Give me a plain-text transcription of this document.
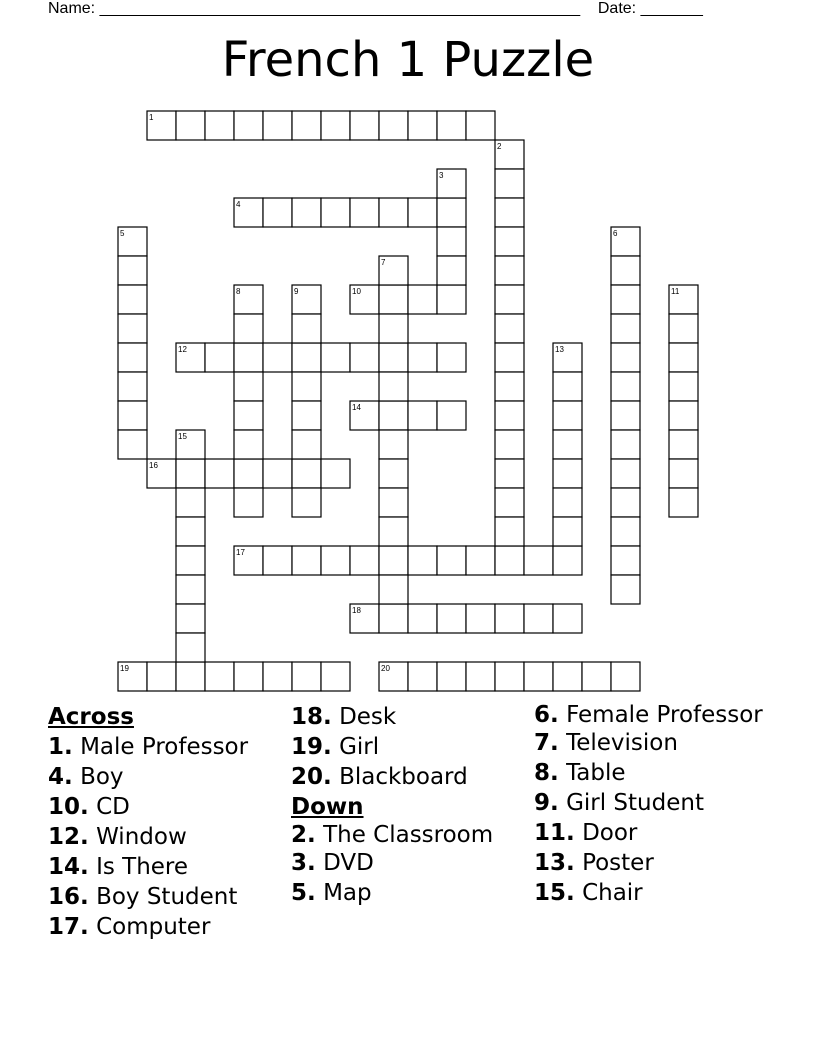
Name: ______________________________________________________ Date: _______
French 1 Puzzle
1
4
10
12
14
16
17
18
19	20
2
3
5	6
7
8	9	11
13
15
Across
1. Male Professor
4. Boy
10. CD
12. Window
14. Is There
16. Boy Student
17. Computer
18. Desk
19. Girl
20. Blackboard
Down
2. The Classroom
3. DVD
5. Map
6. Female Professor
7. Television
8. Table
9. Girl Student
11. Door
13. Poster
15. Chair
